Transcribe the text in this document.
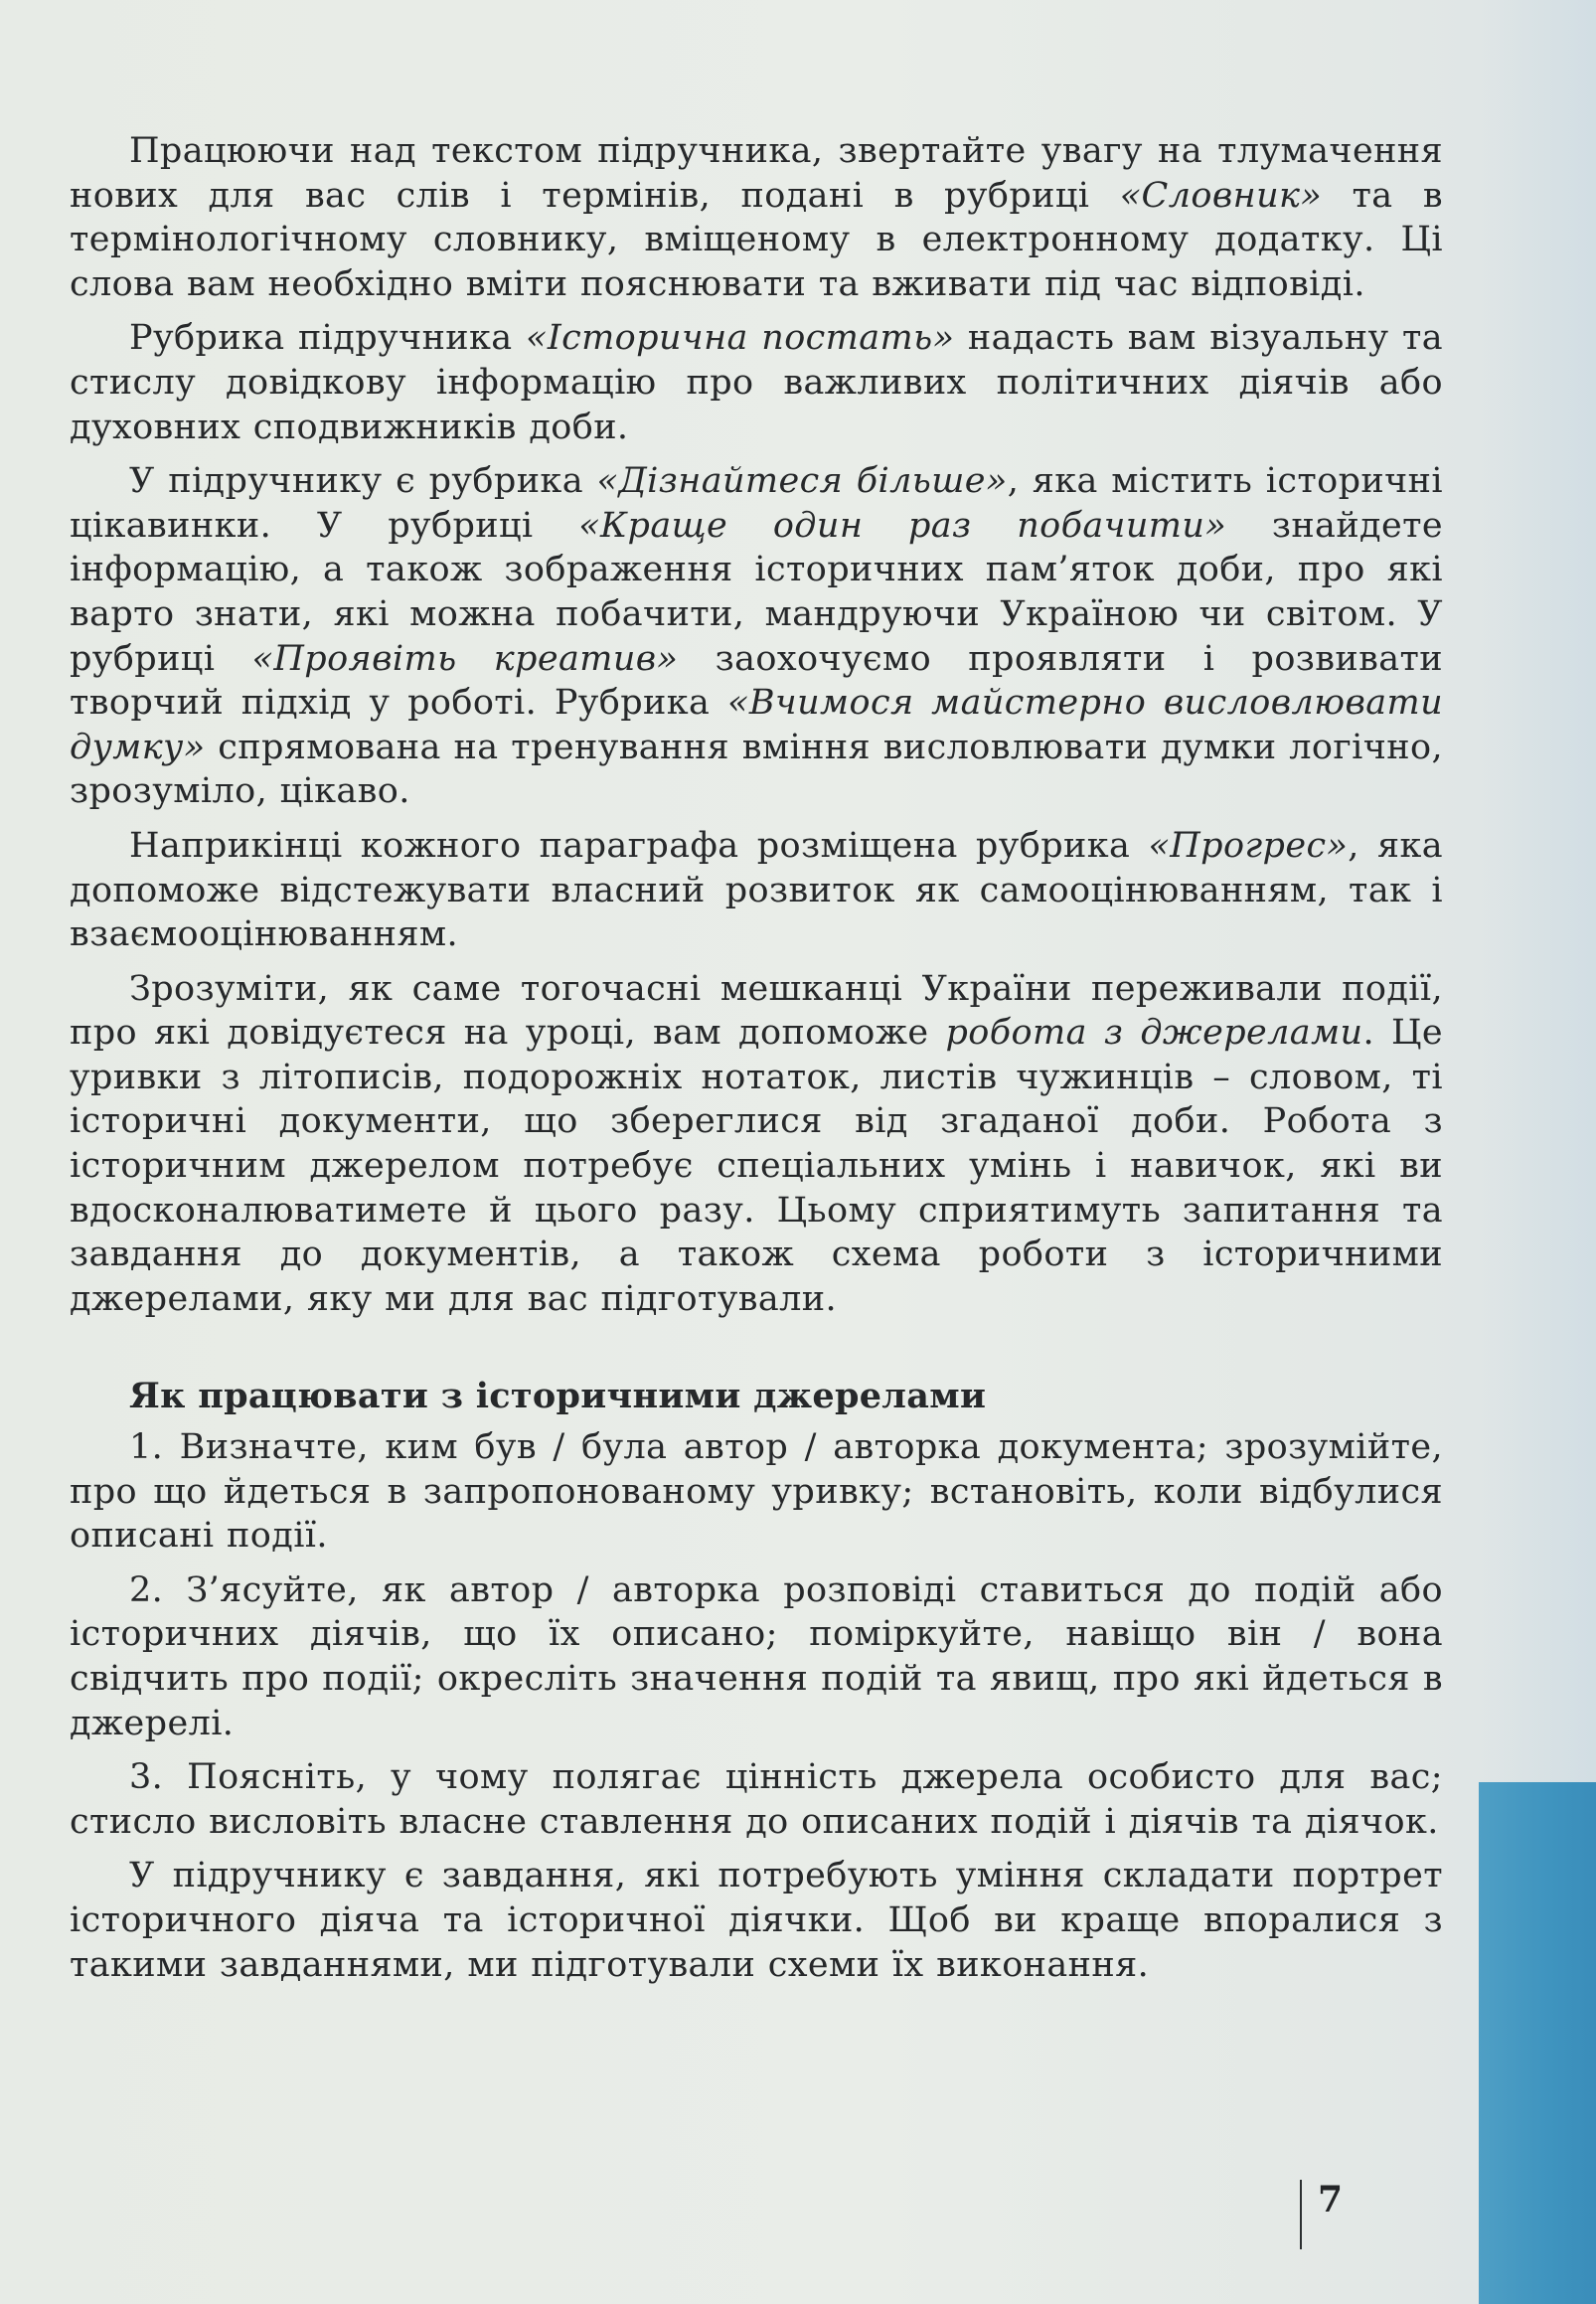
Працюючи над текстом підручника, звертайте увагу на тлумачення нових для вас слів і термінів, подані в рубриці «Словник» та в термінологічному словнику, вміщеному в електронному додатку. Ці слова вам необхідно вміти пояснювати та вживати під час відповіді.

Рубрика підручника «Історична постать» надасть вам візуальну та стислу довідкову інформацію про важливих політичних діячів або духовних сподвижників доби.

У підручнику є рубрика «Дізнайтеся більше», яка містить історичні цікавинки. У рубриці «Краще один раз побачити» знайдете інформацію, а також зображення історичних пам’яток доби, про які варто знати, які можна побачити, мандруючи Україною чи світом. У рубриці «Проявіть креатив» заохочуємо проявляти і розвивати творчий підхід у роботі. Рубрика «Вчимося майстерно висловлювати думку» спрямована на тренування вміння висловлювати думки логічно, зрозуміло, цікаво.

Наприкінці кожного параграфа розміщена рубрика «Прогрес», яка допоможе відстежувати власний розвиток як самооцінюванням, так і взаємооцінюванням.

Зрозуміти, як саме тогочасні мешканці України переживали події, про які довідуєтеся на уроці, вам допоможе робота з джерелами. Це уривки з літописів, подорожніх нотаток, листів чужинців – словом, ті історичні документи, що збереглися від згаданої доби. Робота з історичним джерелом потребує спеціальних умінь і навичок, які ви вдосконалюватимете й цього разу. Цьому сприятимуть запитання та завдання до документів, а також схема роботи з історичними джерелами, яку ми для вас підготували.

Як працювати з історичними джерелами

1. Визначте, ким був / була автор / авторка документа; зрозумійте, про що йдеться в запропонованому уривку; встановіть, коли відбулися описані події.

2. З’ясуйте, як автор / авторка розповіді ставиться до подій або історичних діячів, що їх описано; поміркуйте, навіщо він / вона свідчить про події; окресліть значення подій та явищ, про які йдеться в джерелі.

3. Поясніть, у чому полягає цінність джерела особисто для вас; стисло висловіть власне ставлення до описаних подій і діячів та діячок.

У підручнику є завдання, які потребують уміння складати портрет історичного діяча та історичної діячки. Щоб ви краще впоралися з такими завданнями, ми підготували схеми їх виконання.

7
